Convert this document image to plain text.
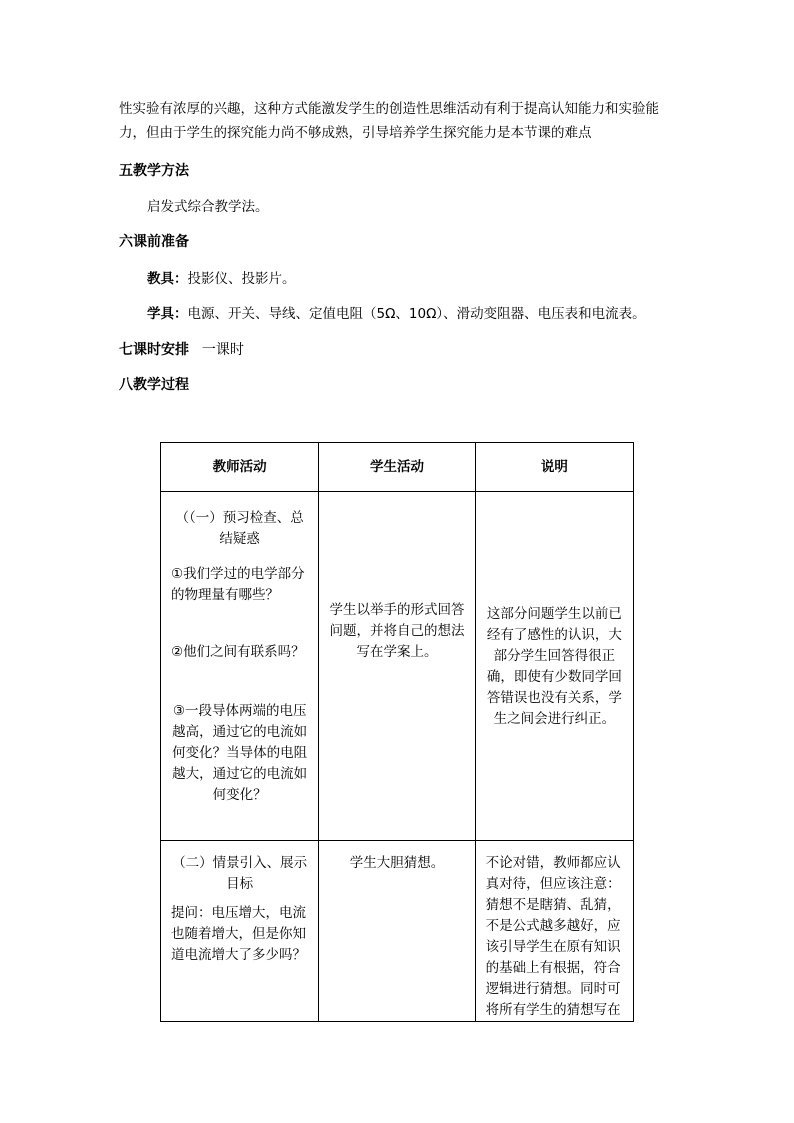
性实验有浓厚的兴趣，这种方式能激发学生的创造性思维活动有利于提高认知能力和实验能
力，但由于学生的探究能力尚不够成熟，引导培养学生探究能力是本节课的难点

五教学方法

启发式综合教学法。

六课前准备

教具：投影仪、投影片。

学具：电源、开关、导线、定值电阻（5Ω、10Ω）、滑动变阻器、电压表和电流表。

七课时安排 一课时

八教学过程

教师活动	学生活动	说明

（（一）预习检查、总结疑惑
①我们学过的电学部分的物理量有哪些？
②他们之间有联系吗？
③一段导体两端的电压越高，通过它的电流如何变化？当导体的电阻越大，通过它的电流如何变化？	学生以举手的形式回答问题，并将自己的想法写在学案上。	这部分问题学生以前已经有了感性的认识，大部分学生回答得很正确，即使有少数同学回答错误也没有关系，学生之间会进行纠正。

（二）情景引入、展示目标
提问：电压增大，电流也随着增大，但是你知道电流增大了多少吗？	学生大胆猜想。	不论对错，教师都应认真对待，但应该注意：猜想不是瞎猜、乱猜，不是公式越多越好，应该引导学生在原有知识的基础上有根据，符合逻辑进行猜想。同时可将所有学生的猜想写在
